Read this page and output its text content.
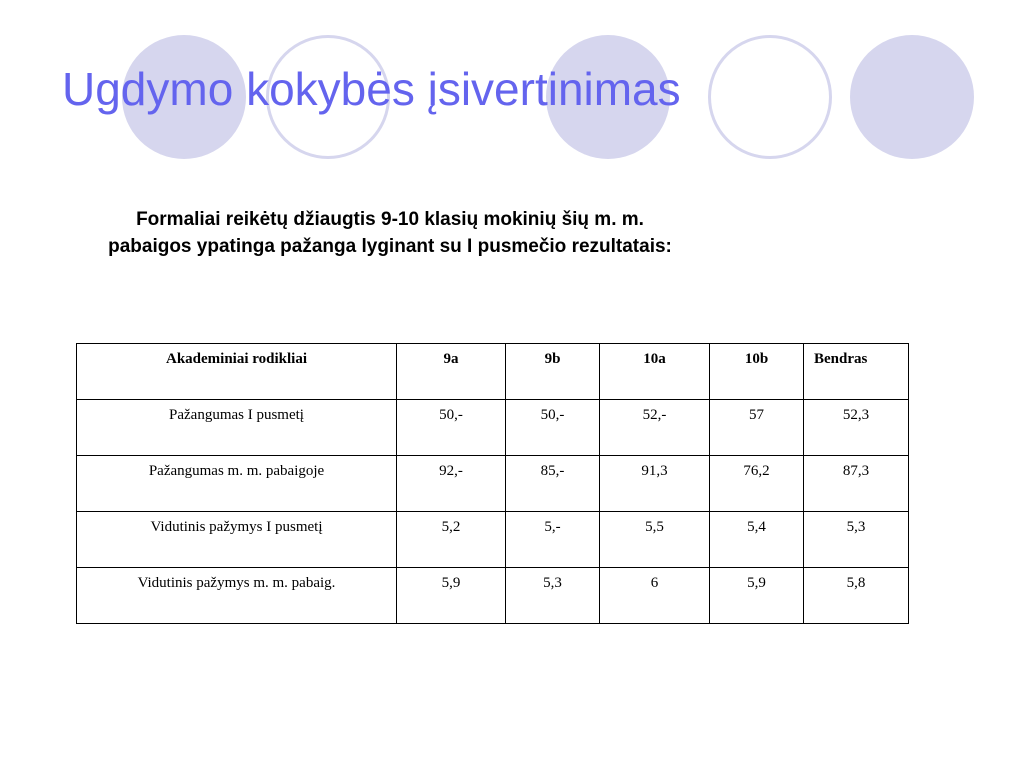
Ugdymo kokybės įsivertinimas
Formaliai reikėtų džiaugtis 9-10 klasių mokinių šių m. m.
pabaigos ypatinga pažanga lyginant su I pusmečio rezultatais:
Akademiniai rodikliai	9a	9b	10a	10b	Bendras
Pažangumas I pusmetį	50,-	50,-	52,-	57	52,3
Pažangumas m. m. pabaigoje	92,-	85,-	91,3	76,2	87,3
Vidutinis pažymys I pusmetį	5,2	5,-	5,5	5,4	5,3
Vidutinis pažymys m. m. pabaig.	5,9	5,3	6	5,9	5,8
